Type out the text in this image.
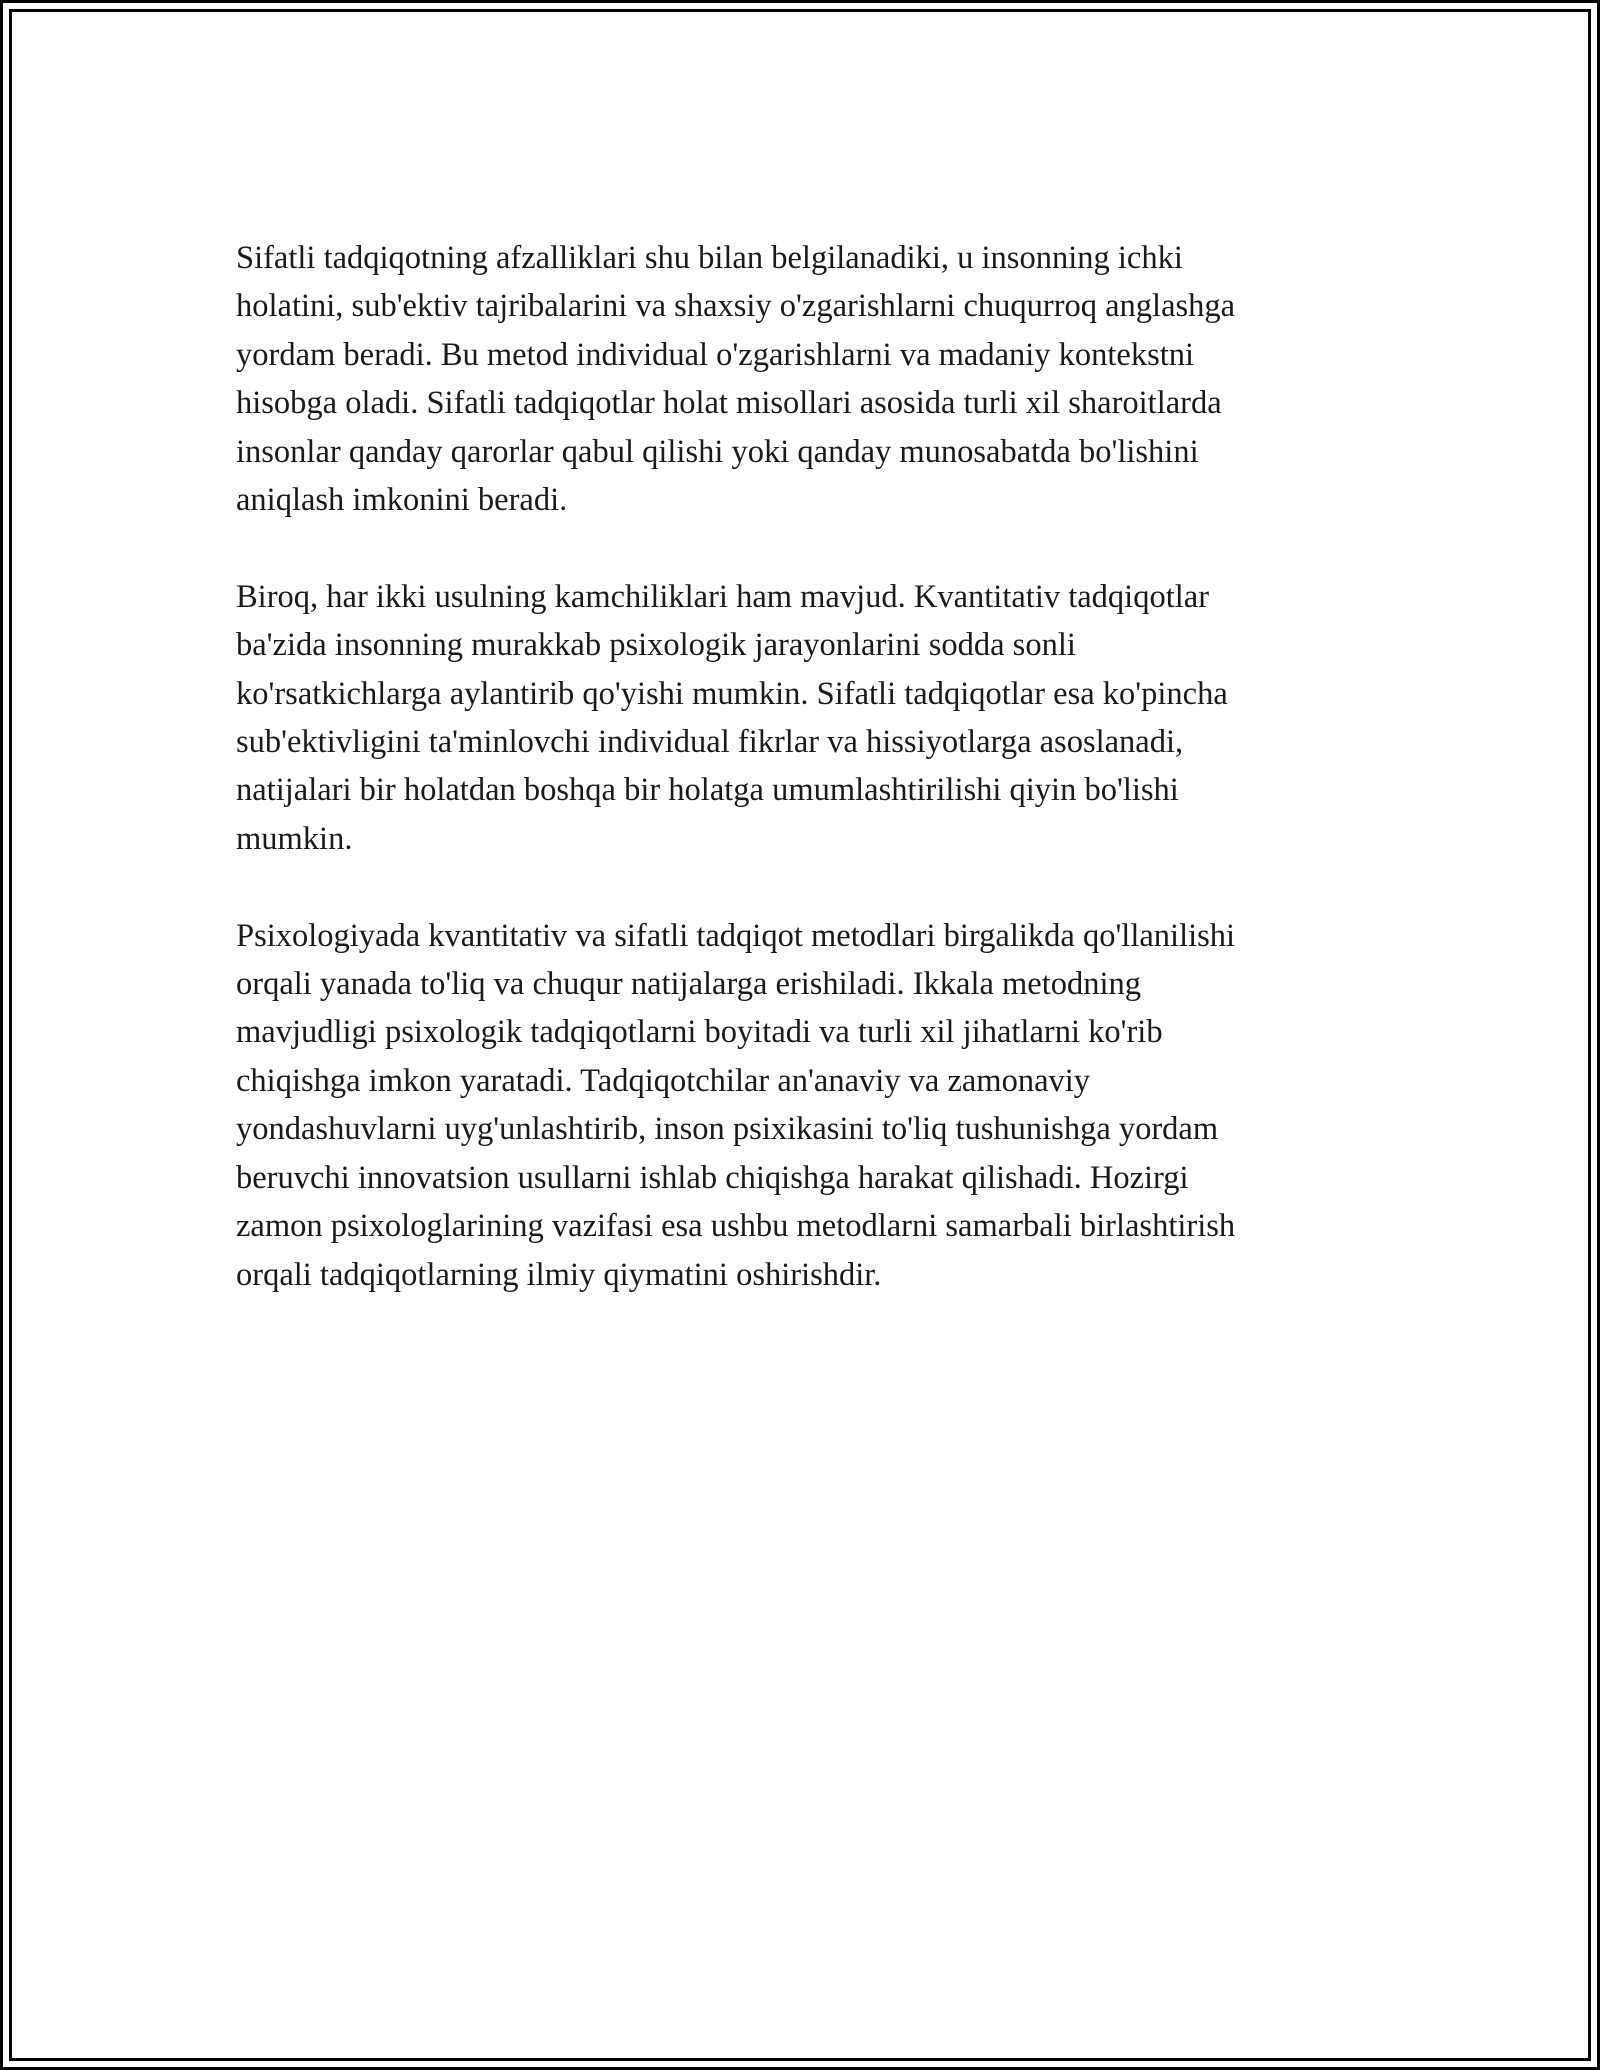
Sifatli tadqiqotning afzalliklari shu bilan belgilanadiki, u insonning ichki
holatini, sub'ektiv tajribalarini va shaxsiy o'zgarishlarni chuqurroq anglashga
yordam beradi. Bu metod individual o'zgarishlarni va madaniy kontekstni
hisobga oladi. Sifatli tadqiqotlar holat misollari asosida turli xil sharoitlarda
insonlar qanday qarorlar qabul qilishi yoki qanday munosabatda bo'lishini
aniqlash imkonini beradi.

Biroq, har ikki usulning kamchiliklari ham mavjud. Kvantitativ tadqiqotlar
ba'zida insonning murakkab psixologik jarayonlarini sodda sonli
ko'rsatkichlarga aylantirib qo'yishi mumkin. Sifatli tadqiqotlar esa ko'pincha
sub'ektivligini ta'minlovchi individual fikrlar va hissiyotlarga asoslanadi,
natijalari bir holatdan boshqa bir holatga umumlashtirilishi qiyin bo'lishi
mumkin.

Psixologiyada kvantitativ va sifatli tadqiqot metodlari birgalikda qo'llanilishi
orqali yanada to'liq va chuqur natijalarga erishiladi. Ikkala metodning
mavjudligi psixologik tadqiqotlarni boyitadi va turli xil jihatlarni ko'rib
chiqishga imkon yaratadi. Tadqiqotchilar an'anaviy va zamonaviy
yondashuvlarni uyg'unlashtirib, inson psixikasini to'liq tushunishga yordam
beruvchi innovatsion usullarni ishlab chiqishga harakat qilishadi. Hozirgi
zamon psixologlarining vazifasi esa ushbu metodlarni samarbali birlashtirish
orqali tadqiqotlarning ilmiy qiymatini oshirishdir.
